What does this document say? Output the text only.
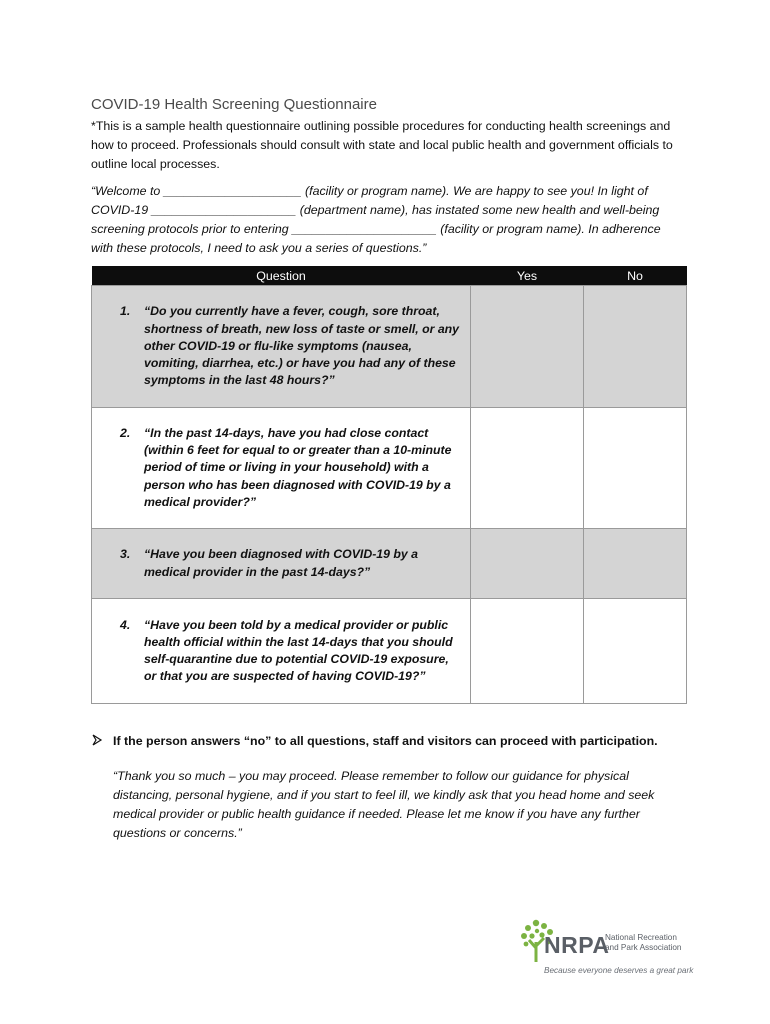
COVID-19 Health Screening Questionnaire

*This is a sample health questionnaire outlining possible procedures for conducting health screenings and how to proceed. Professionals should consult with state and local public health and government officials to outline local processes.

“Welcome to ____________________ (facility or program name). We are happy to see you! In light of COVID-19 _____________________ (department name), has instated some new health and well-being screening protocols prior to entering _____________________ (facility or program name). In adherence with these protocols, I need to ask you a series of questions.”

Question	Yes	No

1. “Do you currently have a fever, cough, sore throat, shortness of breath, new loss of taste or smell, or any other COVID-19 or flu-like symptoms (nausea, vomiting, diarrhea, etc.) or have you had any of these symptoms in the last 48 hours?”		

2. “In the past 14-days, have you had close contact (within 6 feet for equal to or greater than a 10-minute period of time or living in your household) with a person who has been diagnosed with COVID-19 by a medical provider?”		

3. “Have you been diagnosed with COVID-19 by a medical provider in the past 14-days?”		

4. “Have you been told by a medical provider or public health official within the last 14-days that you should self-quarantine due to potential COVID-19 exposure, or that you are suspected of having COVID-19?”		

If the person answers “no” to all questions, staff and visitors can proceed with participation.

“Thank you so much – you may proceed. Please remember to follow our guidance for physical distancing, personal hygiene, and if you start to feel ill, we kindly ask that you head home and seek medical provider or public health guidance if needed. Please let me know if you have any further questions or concerns.”

NRPA
National Recreation
and Park Association
Because everyone deserves a great park
